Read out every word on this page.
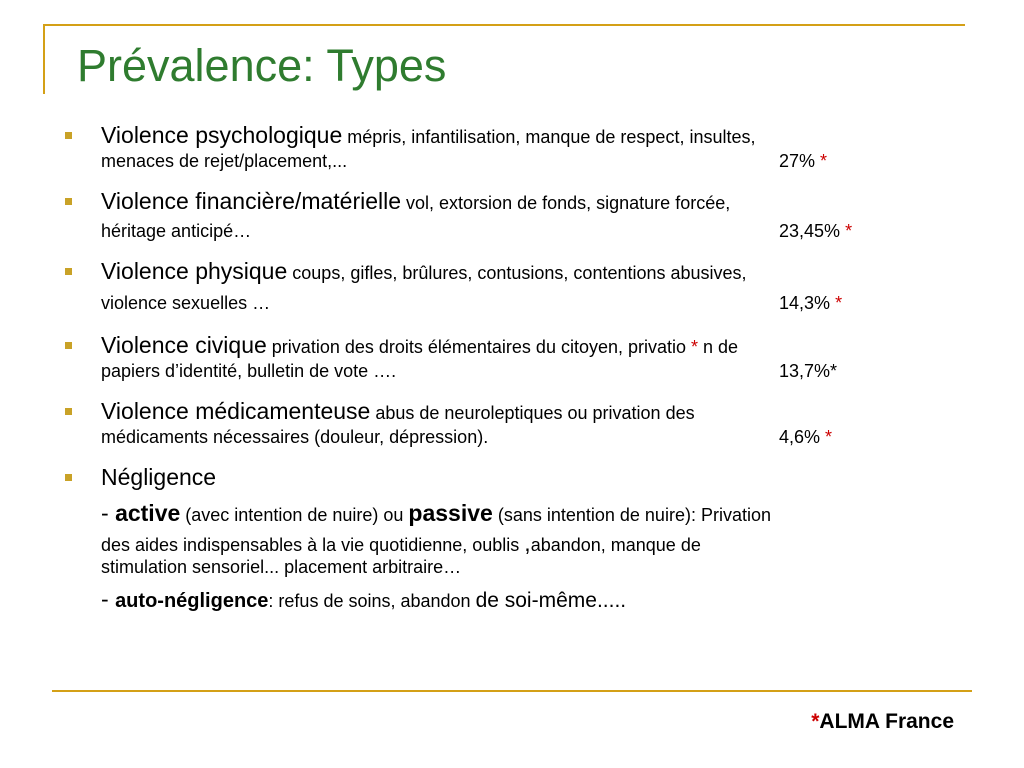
Prévalence: Types
Violence psychologique mépris, infantilisation, manque de respect, insultes,
menaces de rejet/placement,...	27% *
Violence financière/matérielle vol, extorsion de fonds, signature forcée,
héritage anticipé…	23,45% *
Violence physique coups, gifles, brûlures, contusions, contentions abusives,
violence sexuelles …	14,3% *
Violence civique privation des droits élémentaires du citoyen, privatio * n de
papiers d’identité, bulletin de vote ….	13,7%*
Violence médicamenteuse abus de neuroleptiques ou privation des
médicaments nécessaires (douleur, dépression).	4,6% *
Négligence
- active (avec intention de nuire) ou passive (sans intention de nuire): Privation
des aides indispensables à la vie quotidienne, oublis ,abandon, manque de
stimulation sensoriel... placement arbitraire…
- auto-négligence: refus de soins, abandon de soi-même.....
*ALMA France
